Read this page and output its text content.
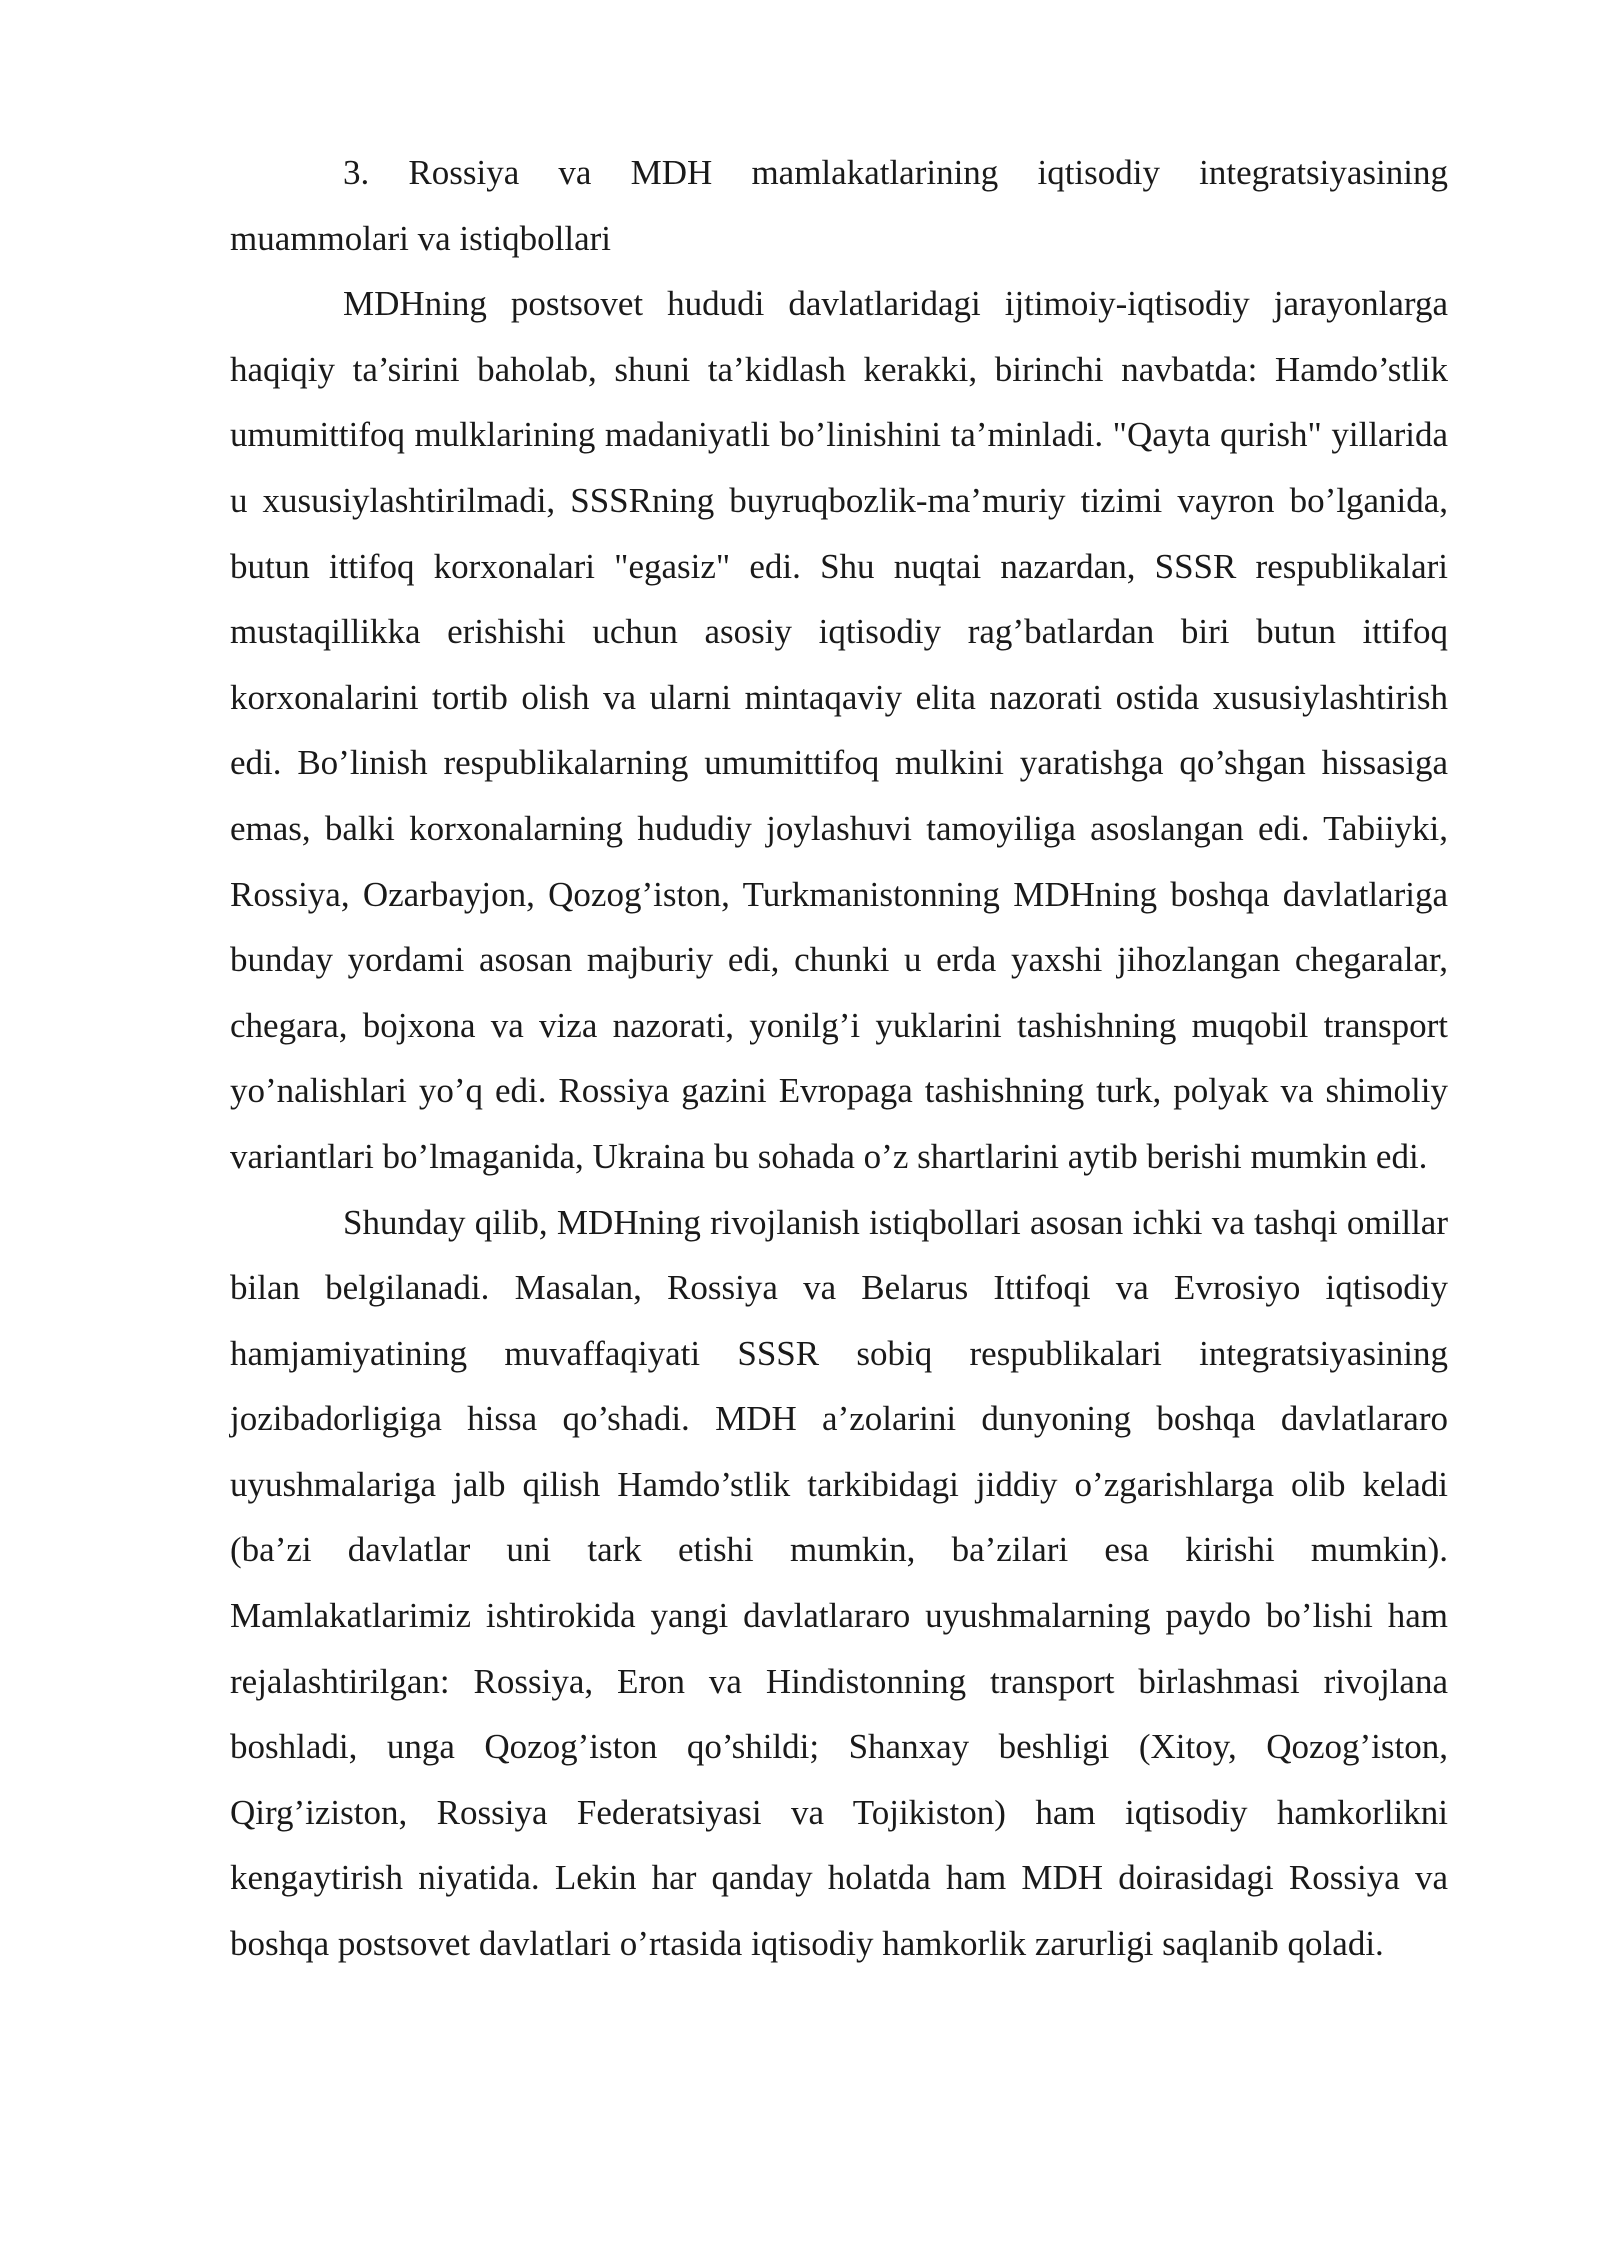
3. Rossiya va MDH mamlakatlarining iqtisodiy integratsiyasining muammolari va istiqbollari

MDHning postsovet hududi davlatlaridagi ijtimoiy-iqtisodiy jarayonlarga haqiqiy ta’sirini baholab, shuni ta’kidlash kerakki, birinchi navbatda: Hamdo’stlik umumittifoq mulklarining madaniyatli bo’linishini ta’minladi. "Qayta qurish" yillarida u xususiylashtirilmadi, SSSRning buyruqbozlik-ma’muriy tizimi vayron bo’lganida, butun ittifoq korxonalari "egasiz" edi. Shu nuqtai nazardan, SSSR respublikalari mustaqillikka erishishi uchun asosiy iqtisodiy rag’batlardan biri butun ittifoq korxonalarini tortib olish va ularni mintaqaviy elita nazorati ostida xususiylashtirish edi. Bo’linish respublikalarning umumittifoq mulkini yaratishga qo’shgan hissasiga emas, balki korxonalarning hududiy joylashuvi tamoyiliga asoslangan edi. Tabiiyki, Rossiya, Ozarbayjon, Qozog’iston, Turkmanistonning MDHning boshqa davlatlariga bunday yordami asosan majburiy edi, chunki u erda yaxshi jihozlangan chegaralar, chegara, bojxona va viza nazorati, yonilg’i yuklarini tashishning muqobil transport yo’nalishlari yo’q edi. Rossiya gazini Evropaga tashishning turk, polyak va shimoliy variantlari bo’lmaganida, Ukraina bu sohada o’z shartlarini aytib berishi mumkin edi.

Shunday qilib, MDHning rivojlanish istiqbollari asosan ichki va tashqi omillar bilan belgilanadi. Masalan, Rossiya va Belarus Ittifoqi va Evrosiyo iqtisodiy hamjamiyatining muvaffaqiyati SSSR sobiq respublikalari integratsiyasining jozibadorligiga hissa qo’shadi. MDH a’zolarini dunyoning boshqa davlatlararo uyushmalariga jalb qilish Hamdo’stlik tarkibidagi jiddiy o’zgarishlarga olib keladi (ba’zi davlatlar uni tark etishi mumkin, ba’zilari esa kirishi mumkin). Mamlakatlarimiz ishtirokida yangi davlatlararo uyushmalarning paydo bo’lishi ham rejalashtirilgan: Rossiya, Eron va Hindistonning transport birlashmasi rivojlana boshladi, unga Qozog’iston qo’shildi; Shanxay beshligi (Xitoy, Qozog’iston, Qirg’iziston, Rossiya Federatsiyasi va Tojikiston) ham iqtisodiy hamkorlikni kengaytirish niyatida. Lekin har qanday holatda ham MDH doirasidagi Rossiya va boshqa postsovet davlatlari o’rtasida iqtisodiy hamkorlik zarurligi saqlanib qoladi.
